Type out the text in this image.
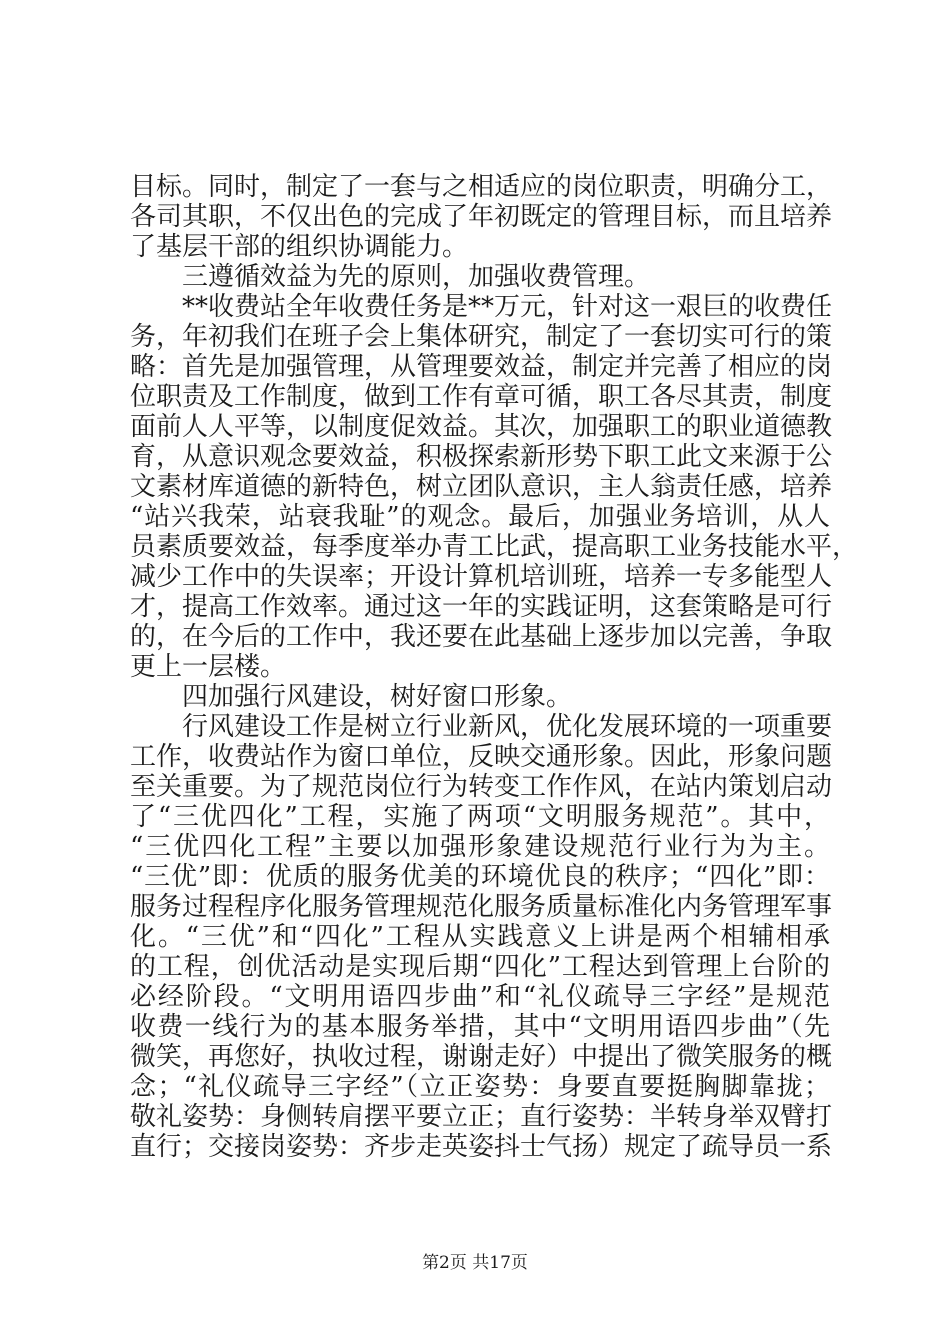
目标。同时，制定了一套与之相适应的岗位职责，明确分工，
各司其职，不仅出色的完成了年初既定的管理目标，而且培养
了基层干部的组织协调能力。
三遵循效益为先的原则，加强收费管理。
**收费站全年收费任务是**万元，针对这一艰巨的收费任
务，年初我们在班子会上集体研究，制定了一套切实可行的策
略：首先是加强管理，从管理要效益，制定并完善了相应的岗
位职责及工作制度，做到工作有章可循，职工各尽其责，制度
面前人人平等，以制度促效益。其次，加强职工的职业道德教
育，从意识观念要效益，积极探索新形势下职工此文来源于公
文素材库道德的新特色，树立团队意识，主人翁责任感，培养
“站兴我荣，站衰我耻”的观念。最后，加强业务培训，从人
员素质要效益，每季度举办青工比武，提高职工业务技能水平，
减少工作中的失误率；开设计算机培训班，培养一专多能型人
才，提高工作效率。通过这一年的实践证明，这套策略是可行
的，在今后的工作中，我还要在此基础上逐步加以完善，争取
更上一层楼。
四加强行风建设，树好窗口形象。
行风建设工作是树立行业新风，优化发展环境的一项重要
工作，收费站作为窗口单位，反映交通形象。因此，形象问题
至关重要。为了规范岗位行为转变工作作风，在站内策划启动
了“三优四化”工程，实施了两项“文明服务规范”。其中，
“三优四化工程”主要以加强形象建设规范行业行为为主。
“三优”即：优质的服务优美的环境优良的秩序；“四化”即：
服务过程程序化服务管理规范化服务质量标准化内务管理军事
化。“三优”和“四化”工程从实践意义上讲是两个相辅相承
的工程，创优活动是实现后期“四化”工程达到管理上台阶的
必经阶段。“文明用语四步曲”和“礼仪疏导三字经”是规范
收费一线行为的基本服务举措，其中“文明用语四步曲”（先
微笑，再您好，执收过程，谢谢走好）中提出了微笑服务的概
念；“礼仪疏导三字经”（立正姿势：身要直要挺胸脚靠拢；
敬礼姿势：身侧转肩摆平要立正；直行姿势：半转身举双臂打
直行；交接岗姿势：齐步走英姿抖士气扬）规定了疏导员一系
第2页 共17页
